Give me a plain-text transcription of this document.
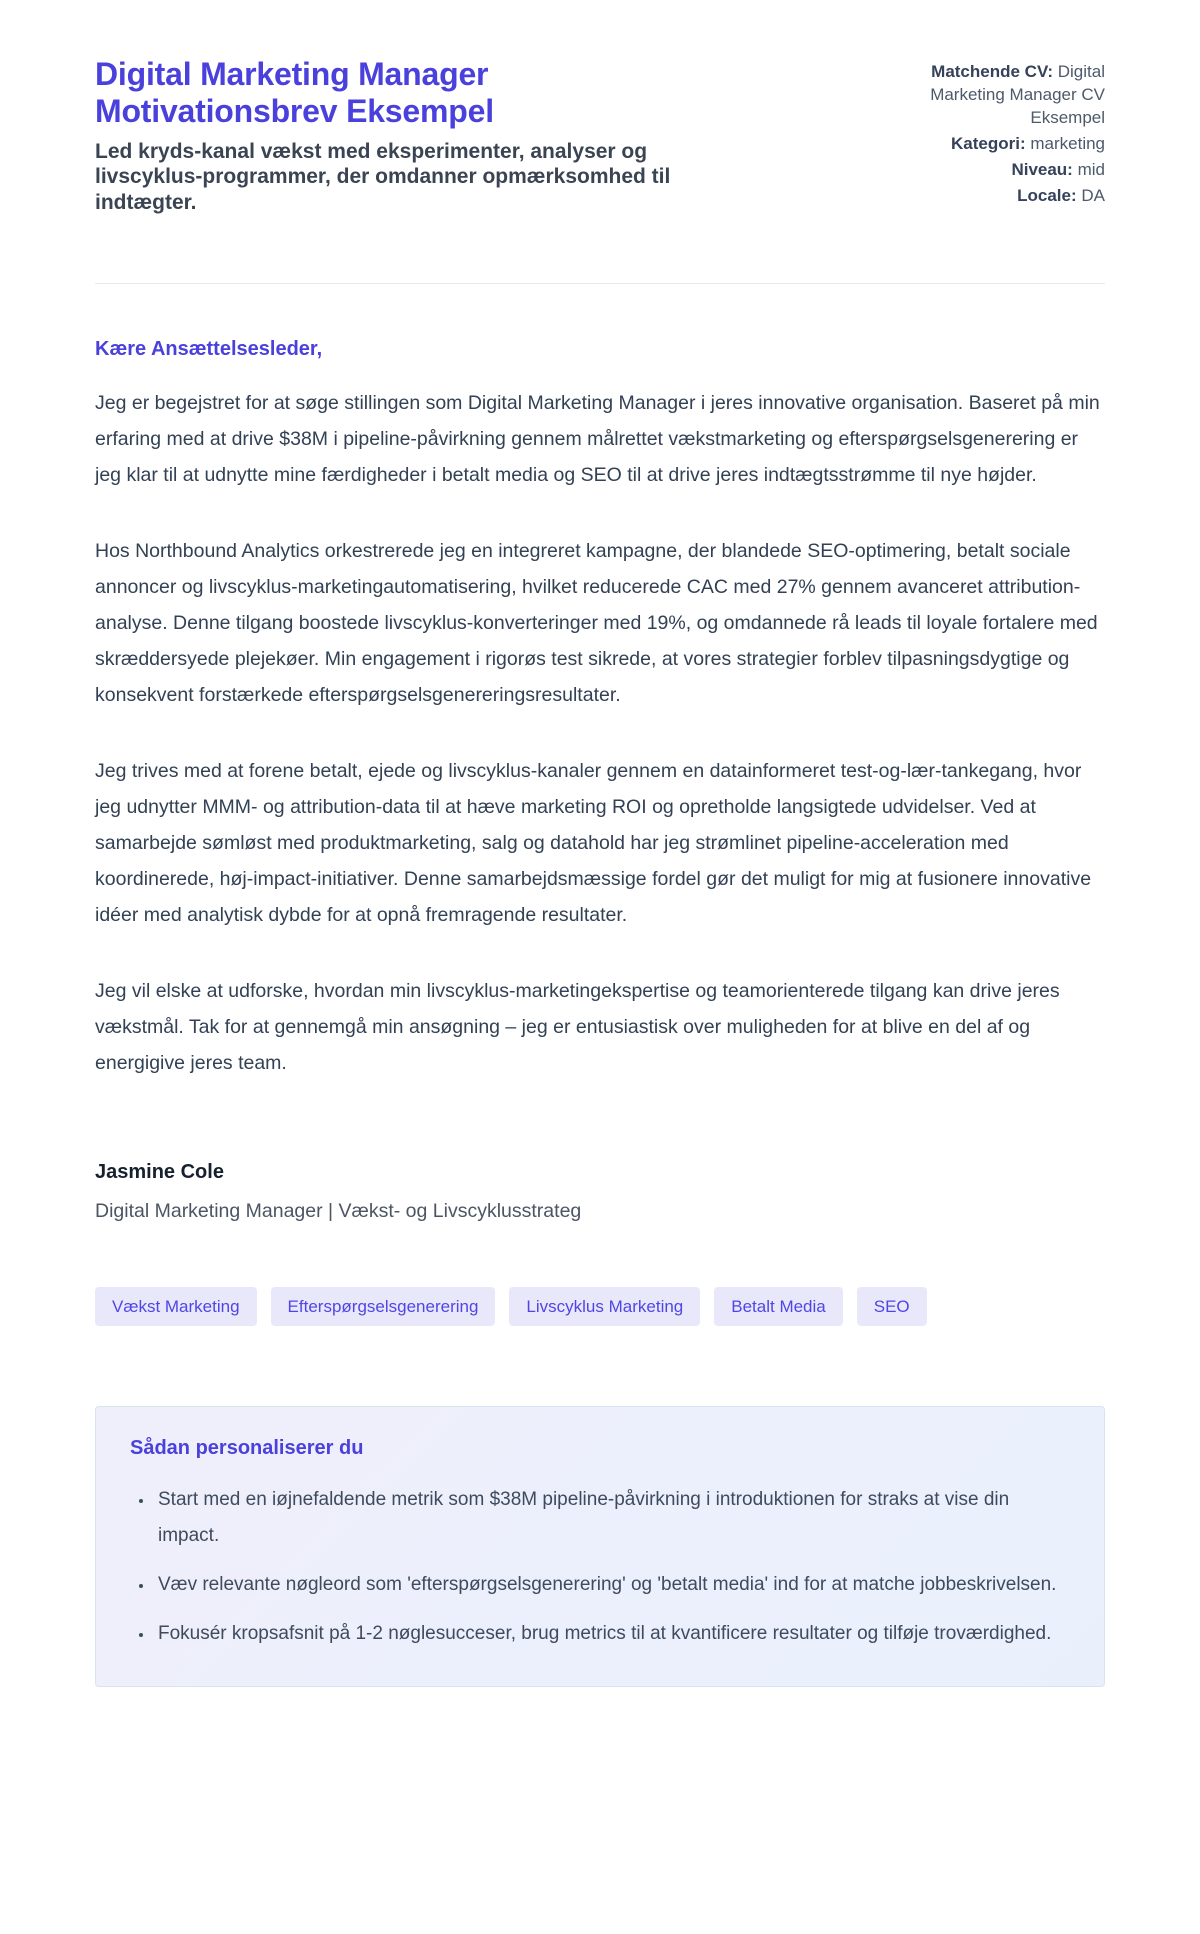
Digital Marketing Manager Motivationsbrev Eksempel

Led kryds-kanal vækst med eksperimenter, analyser og livscyklus-programmer, der omdanner opmærksomhed til indtægter.

Matchende CV: Digital Marketing Manager CV Eksempel
Kategori: marketing
Niveau: mid
Locale: DA

Kære Ansættelsesleder,

Jeg er begejstret for at søge stillingen som Digital Marketing Manager i jeres innovative organisation. Baseret på min erfaring med at drive $38M i pipeline-påvirkning gennem målrettet vækstmarketing og efterspørgselsgenerering er jeg klar til at udnytte mine færdigheder i betalt media og SEO til at drive jeres indtægtsstrømme til nye højder.

Hos Northbound Analytics orkestrerede jeg en integreret kampagne, der blandede SEO-optimering, betalt sociale annoncer og livscyklus-marketingautomatisering, hvilket reducerede CAC med 27% gennem avanceret attribution-analyse. Denne tilgang boostede livscyklus-konverteringer med 19%, og omdannede rå leads til loyale fortalere med skræddersyede plejekøer. Min engagement i rigorøs test sikrede, at vores strategier forblev tilpasningsdygtige og konsekvent forstærkede efterspørgselsgenereringsresultater.

Jeg trives med at forene betalt, ejede og livscyklus-kanaler gennem en datainformeret test-og-lær-tankegang, hvor jeg udnytter MMM- og attribution-data til at hæve marketing ROI og opretholde langsigtede udvidelser. Ved at samarbejde sømløst med produktmarketing, salg og datahold har jeg strømlinet pipeline-acceleration med koordinerede, høj-impact-initiativer. Denne samarbejdsmæssige fordel gør det muligt for mig at fusionere innovative idéer med analytisk dybde for at opnå fremragende resultater.

Jeg vil elske at udforske, hvordan min livscyklus-marketingekspertise og teamorienterede tilgang kan drive jeres vækstmål. Tak for at gennemgå min ansøgning – jeg er entusiastisk over muligheden for at blive en del af og energigive jeres team.

Jasmine Cole

Digital Marketing Manager | Vækst- og Livscyklusstrateg

Vækst Marketing	Efterspørgselsgenerering	Livscyklus Marketing	Betalt Media	SEO
Sådan personaliserer du
• Start med en iøjnefaldende metrik som $38M pipeline-påvirkning i introduktionen for straks at vise din impact.
• Væv relevante nøgleord som 'efterspørgselsgenerering' og 'betalt media' ind for at matche jobbeskrivelsen.
• Fokusér kropsafsnit på 1-2 nøglesucceser, brug metrics til at kvantificere resultater og tilføje troværdighed.
